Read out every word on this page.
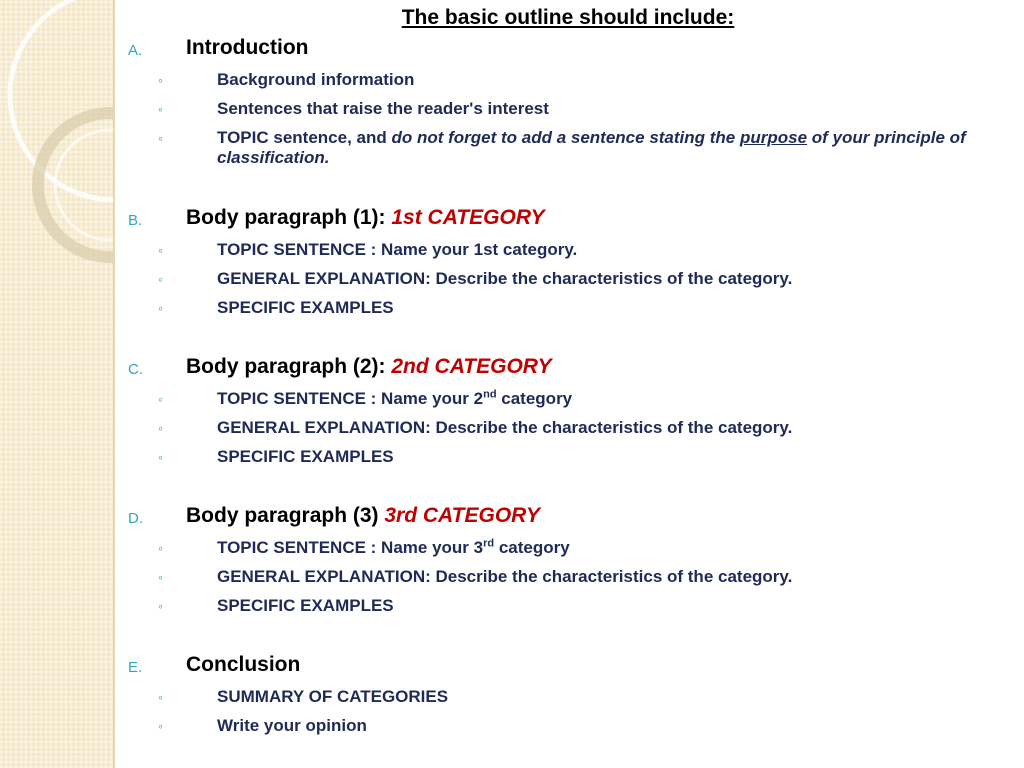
The basic outline should include:
A. Introduction
◦	Background information
◦	Sentences that raise the reader's interest
◦	TOPIC sentence, and do not forget to add a sentence stating the purpose of your principle of classification.
B. Body paragraph (1): 1st CATEGORY
◦	TOPIC SENTENCE : Name your 1st category.
◦	GENERAL EXPLANATION: Describe the characteristics of the category.
◦	SPECIFIC EXAMPLES
C. Body paragraph (2): 2nd CATEGORY
◦	TOPIC SENTENCE : Name your 2nd category
◦	GENERAL EXPLANATION: Describe the characteristics of the category.
◦	SPECIFIC EXAMPLES
D. Body paragraph (3) 3rd CATEGORY
◦	TOPIC SENTENCE : Name your 3rd category
◦	GENERAL EXPLANATION: Describe the characteristics of the category.
◦	SPECIFIC EXAMPLES
E. Conclusion
◦	SUMMARY OF CATEGORIES
◦	Write your opinion
